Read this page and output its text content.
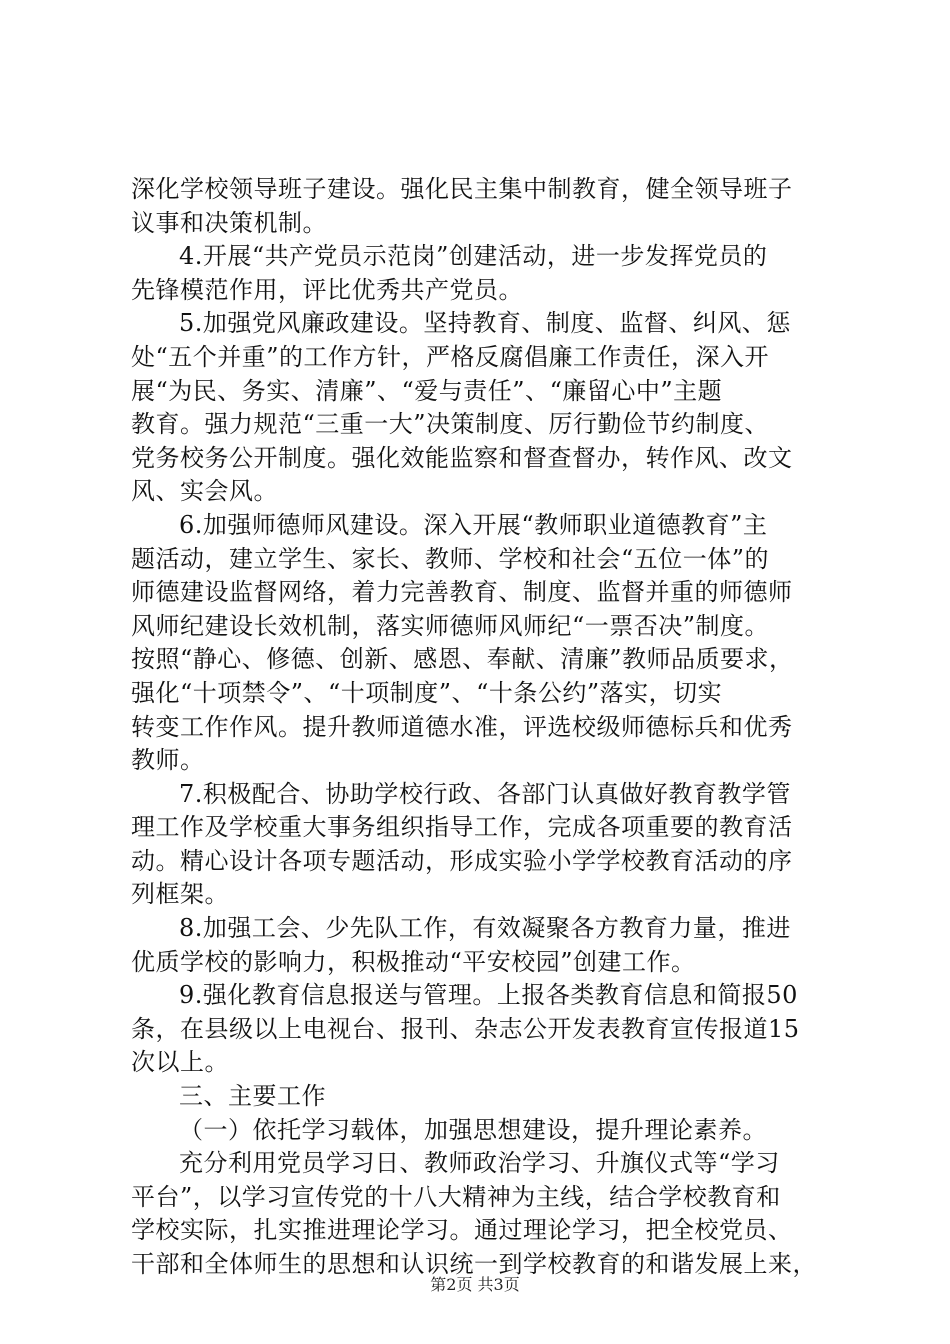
深化学校领导班子建设。强化民主集中制教育，健全领导班子
议事和决策机制。
4.开展“共产党员示范岗”创建活动，进一步发挥党员的
先锋模范作用，评比优秀共产党员。
5.加强党风廉政建设。坚持教育、制度、监督、纠风、惩
处“五个并重”的工作方针，严格反腐倡廉工作责任，深入开
展“为民、务实、清廉”、“爱与责任”、“廉留心中”主题
教育。强力规范“三重一大”决策制度、厉行勤俭节约制度、
党务校务公开制度。强化效能监察和督查督办，转作风、改文
风、实会风。
6.加强师德师风建设。深入开展“教师职业道德教育”主
题活动，建立学生、家长、教师、学校和社会“五位一体”的
师德建设监督网络，着力完善教育、制度、监督并重的师德师
风师纪建设长效机制，落实师德师风师纪“一票否决”制度。
按照“静心、修德、创新、感恩、奉献、清廉”教师品质要求，
强化“十项禁令”、“十项制度”、“十条公约”落实，切实
转变工作作风。提升教师道德水准，评选校级师德标兵和优秀
教师。
7.积极配合、协助学校行政、各部门认真做好教育教学管
理工作及学校重大事务组织指导工作，完成各项重要的教育活
动。精心设计各项专题活动，形成实验小学学校教育活动的序
列框架。
8.加强工会、少先队工作，有效凝聚各方教育力量，推进
优质学校的影响力，积极推动“平安校园”创建工作。
9.强化教育信息报送与管理。上报各类教育信息和简报50
条，在县级以上电视台、报刊、杂志公开发表教育宣传报道15
次以上。
三、主要工作
（一）依托学习载体，加强思想建设，提升理论素养。
充分利用党员学习日、教师政治学习、升旗仪式等“学习
平台”，以学习宣传党的十八大精神为主线，结合学校教育和
学校实际，扎实推进理论学习。通过理论学习，把全校党员、
干部和全体师生的思想和认识统一到学校教育的和谐发展上来，
第2页 共3页
